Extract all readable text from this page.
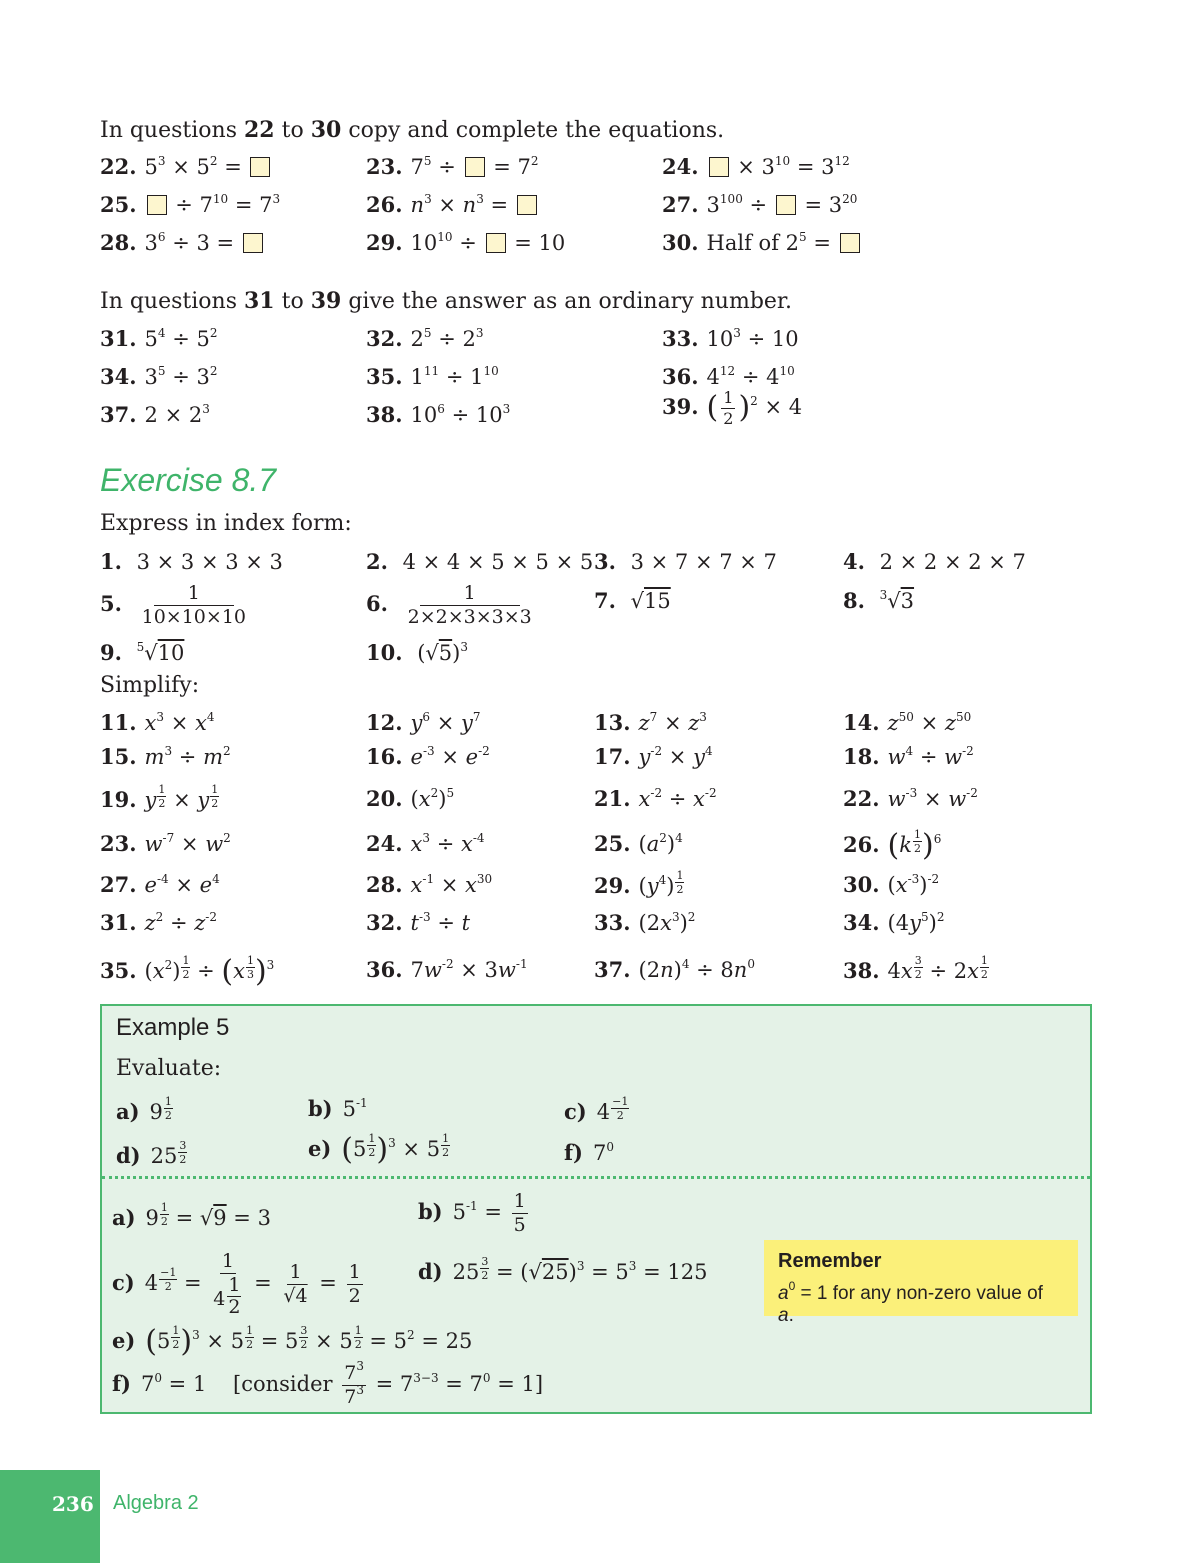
In questions 22 to 30 copy and complete the equations.
22. $5^3 \times 5^2$ =	23. $7^5$ ÷  = $7^2$	24. × $3^{10} = 3^{12}$
25. ÷ $7^{10} = 7^3$	26. $n^3 \times n^3$ =	27. $3^{100}$ ÷  = $3^{20}$
28. $3^6 \div 3$ =	29. $10^{10}$ ÷  = 10	30. Half of $2^5$ =
In questions 31 to 39 give the answer as an ordinary number.
31. $5^4 \div 5^2$	32. $2^5 \div 2^3$	33. $10^3 \div 10$
34. $3^5 \div 3^2$	35. $1^{11} \div 1^{10}$	36. $4^{12} \div 4^{10}$
37. $2 \times 2^3$	38. $10^6 \div 10^3$	39. ( $\frac{1}{2} )^2 \times 4$
Exercise 8.7
Express in index form:
1. 3 × 3 × 3 × 3	2. 4 × 4 × 5 × 5 × 5 3. 3 × 7 × 7 × 7	4. 2 × 2 × 2 × 7
5. $\frac{1}{10\times 10\times 10}$	6. $\frac{1}{2\times 2\times 3\times 3\times 3}$	7. √15	8. $^3$√3
9. $^5$√10	10. $(√5)^3$
Simplify:
11. $x^3 \times x^4$	12. $y^6 \times y^7$	13. $z^7 \times z^3$	14. $z^{50} \times z^{50}$
15. $m^3 \div m^2$	16. $e^{-3} \times e^{-2}$	17. $y^{-2} \times y^4$	18. $w^4 \div w^{-2}$
19. y $\frac{1}{2} \times y \frac{1}{2}$	20. $(x^2)^5$	21. $x^{-2} \div x^{-2}$	22. $w^{-3} \times w^{-2}$
23. $w^{-7} \times w^2$	24. $x^3 \div x^{-4}$	25. $(a^2)^4$	26. $(k \frac{1}{2} )^6$
27. $e^{-4} \times e^4$	28. $x^{-1} \times x^{30}$	29. $(y^4) \frac{1}{2}$	30. $(x^{-3})^{-2}$
31. $z^2 \div z^{-2}$	32. $t^{-3} \div t$	33. $(2x^3)^2$	34. $(4y^5)^2$
35. $(x^2) \frac{1}{2} \div (x \frac{1}{3} )^3$	36. $7w^{-2} \times 3w^{-1}$	37. $(2n)^4 \div 8n^0$	38. $4x \frac{3}{2} \div 2x \frac{1}{2}$
Example 5
Evaluate:
a) $9 \frac{1}{2}$	b) $5^{-1}$	c) $4 \frac{-1}{2}$
d) $25 \frac{3}{2}$	e) $(5 \frac{1}{2} )^3 \times 5 \frac{1}{2}$	f) $7^0$
a) $9 \frac{1}{2} = √9 = 3$	b) $5^{-1} = \frac{1}{5}$
c) $4 \frac{-1}{2} = \frac{1}{4 \frac{1}{2}} = \frac{1}{√4} = \frac{1}{2}$	d) $25 \frac{3}{2} = (√25)^3 = 5^3 = 125$
e) $(5 \frac{1}{2} )^3 \times 5 \frac{1}{2} = 5 \frac{3}{2} \times 5 \frac{1}{2} = 5^2 = 25$
f) $7^0 = 1$    [consider $\frac{7^3}{7^3} = 7^{3-3} = 7^0 = 1$]
Remember
$a^0 = 1$ for any non-zero value of a.
236 Algebra 2
